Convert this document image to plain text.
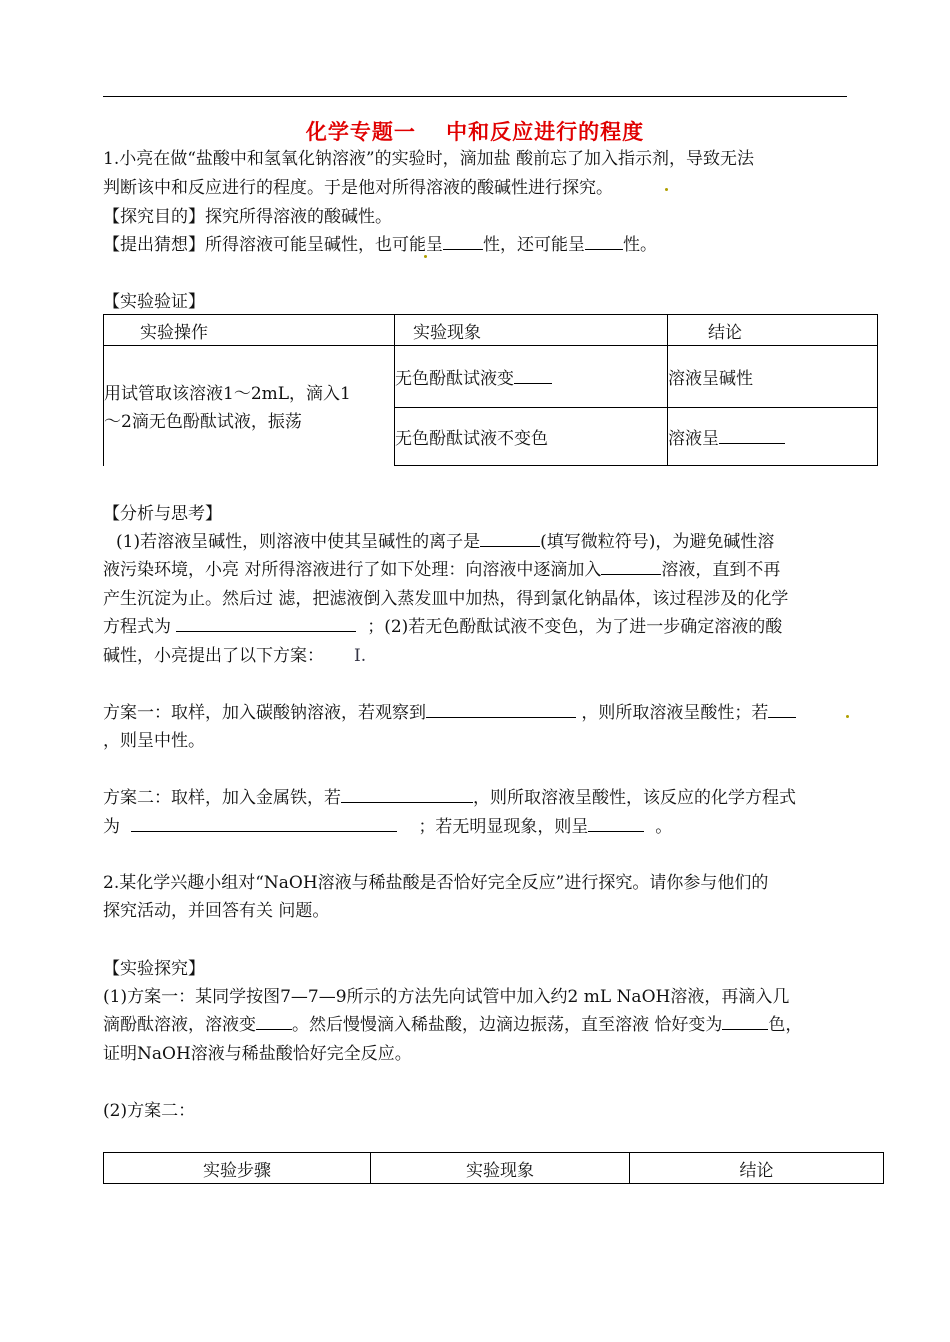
化学专题一　 中和反应进行的程度
1.小亮在做“盐酸中和氢氧化钠溶液”的实验时，滴加盐 酸前忘了加入指示剂，导致无法
判断该中和反应进行的程度。于是他对所得溶液的酸碱性进行探究。
【探究目的】探究所得溶液的酸碱性。
【提出猜想】所得溶液可能呈碱性，也可能呈 性，还可能呈 性。
【实验验证】
实验操作	实验现象	结论

用试管取该溶液1～2mL，滴入1
～2滴无色酚酞试液，振荡	无色酚酞试液变	溶液呈碱性
	无色酚酞试液不变色	溶液呈
【分析与思考】
(1)若溶液呈碱性，则溶液中使其呈碱性的离子是	(填写微粒符号)，为避免碱性溶
液污染环境，小亮 对所得溶液进行了如下处理：向溶液中逐滴加入	溶液，直到不再
产生沉淀为止。然后过 滤，把滤液倒入蒸发皿中加热，得到氯化钠晶体，该过程涉及的化学
方程式为	；(2)若无色酚酞试液不变色，为了进一步确定溶液的酸
碱性，小亮提出了以下方案： I.
方案一：取样，加入碳酸钠溶液，若观察到	，则所取溶液呈酸性；若
，则呈中性。
方案二：取样，加入金属铁，若	，则所取溶液呈酸性，该反应的化学方程式
为	；若无明显现象，则呈	。
2.某化学兴趣小组对“NaOH溶液与稀盐酸是否恰好完全反应”进行探究。请你参与他们的
探究活动，并回答有关 问题。
【实验探究】
(1)方案一：某同学按图7—7—9所示的方法先向试管中加入约2 mL NaOH溶液，再滴入几
滴酚酞溶液，溶液变 。然后慢慢滴入稀盐酸，边滴边振荡，直至溶液 恰好变为	色，
证明NaOH溶液与稀盐酸恰好完全反应。
(2)方案二：
实验步骤	实验现象	结论
